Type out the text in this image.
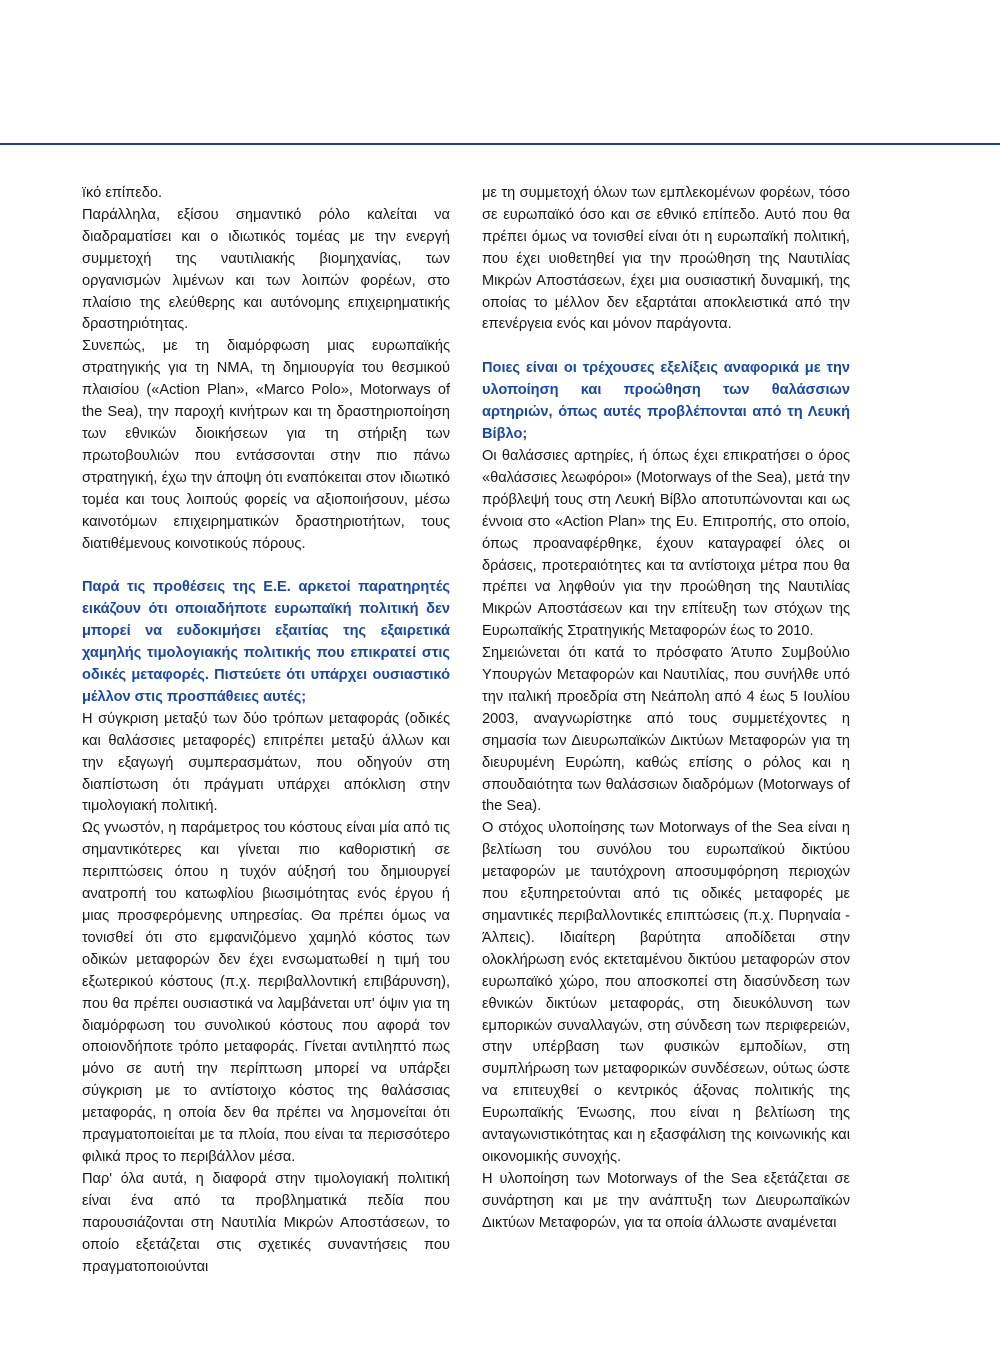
ïκό επίπεδο.

Παράλληλα, εξίσου σημαντικό ρόλο καλείται να διαδραματίσει και ο ιδιωτικός τομέας με την ενεργή συμμετοχή της ναυτιλιακής βιομηχανίας, των οργανισμών λιμένων και των λοιπών φορέων, στο πλαίσιο της ελεύθερης και αυτόνομης επιχειρηματικής δραστηριότητας.

Συνεπώς, με τη διαμόρφωση μιας ευρωπαϊκής στρατηγικής για τη ΝΜΑ, τη δημιουργία του θεσμικού πλαισίου («Action Plan», «Marco Polo», Motorways of the Sea), την παροχή κινήτρων και τη δραστηριοποίηση των εθνικών διοικήσεων για τη στήριξη των πρωτοβουλιών που εντάσσονται στην πιο πάνω στρατηγική, έχω την άποψη ότι εναπόκειται στον ιδιωτικό τομέα και τους λοιπούς φορείς να αξιοποιήσουν, μέσω καινοτόμων επιχειρηματικών δραστηριοτήτων, τους διατιθέμενους κοινοτικούς πόρους.

Παρά τις προθέσεις της Ε.Ε. αρκετοί παρατηρητές εικάζουν ότι οποιαδήποτε ευρωπαϊκή πολιτική δεν μπορεί να ευδοκιμήσει εξαιτίας της εξαιρετικά χαμηλής τιμολογιακής πολιτικής που επικρατεί στις οδικές μεταφορές. Πιστεύετε ότι υπάρχει ουσιαστικό μέλλον στις προσπάθειες αυτές;

Η σύγκριση μεταξύ των δύο τρόπων μεταφοράς (οδικές και θαλάσσιες μεταφορές) επιτρέπει μεταξύ άλλων και την εξαγωγή συμπερασμάτων, που οδηγούν στη διαπίστωση ότι πράγματι υπάρχει απόκλιση στην τιμολογιακή πολιτική.

Ως γνωστόν, η παράμετρος του κόστους είναι μία από τις σημαντικότερες και γίνεται πιο καθοριστική σε περιπτώσεις όπου η τυχόν αύξησή του δημιουργεί ανατροπή του κατωφλίου βιωσιμότητας ενός έργου ή μιας προσφερόμενης υπηρεσίας. Θα πρέπει όμως να τονισθεί ότι στο εμφανιζόμενο χαμηλό κόστος των οδικών μεταφορών δεν έχει ενσωματωθεί η τιμή του εξωτερικού κόστους (π.χ. περιβαλλοντική επιβάρυνση), που θα πρέπει ουσιαστικά να λαμβάνεται υπ' όψιν για τη διαμόρφωση του συνολικού κόστους που αφορά τον οποιονδήποτε τρόπο μεταφοράς. Γίνεται αντιληπτό πως μόνο σε αυτή την περίπτωση μπορεί να υπάρξει σύγκριση με το αντίστοιχο κόστος της θαλάσσιας μεταφοράς, η οποία δεν θα πρέπει να λησμονείται ότι πραγματοποιείται με τα πλοία, που είναι τα περισσότερο φιλικά προς το περιβάλλον μέσα.

Παρ' όλα αυτά, η διαφορά στην τιμολογιακή πολιτική είναι ένα από τα προβληματικά πεδία που παρουσιάζονται στη Ναυτιλία Μικρών Αποστάσεων, το οποίο εξετάζεται στις σχετικές συναντήσεις που πραγματοποιούνται

με τη συμμετοχή όλων των εμπλεκομένων φορέων, τόσο σε ευρωπαϊκό όσο και σε εθνικό επίπεδο. Αυτό που θα πρέπει όμως να τονισθεί είναι ότι η ευρωπαϊκή πολιτική, που έχει υιοθετηθεί για την προώθηση της Ναυτιλίας Μικρών Αποστάσεων, έχει μια ουσιαστική δυναμική, της οποίας το μέλλον δεν εξαρτάται αποκλειστικά από την επενέργεια ενός και μόνον παράγοντα.

Ποιες είναι οι τρέχουσες εξελίξεις αναφορικά με την υλοποίηση και προώθηση των θαλάσσιων αρτηριών, όπως αυτές προβλέπονται από τη Λευκή Βίβλο;

Οι θαλάσσιες αρτηρίες, ή όπως έχει επικρατήσει ο όρος «θαλάσσιες λεωφόροι» (Motorways of the Sea), μετά την πρόβλεψή τους στη Λευκή Βίβλο αποτυπώνονται και ως έννοια στο «Action Plan» της Ευ. Επιτροπής, στο οποίο, όπως προαναφέρθηκε, έχουν καταγραφεί όλες οι δράσεις, προτεραιότητες και τα αντίστοιχα μέτρα που θα πρέπει να ληφθούν για την προώθηση της Ναυτιλίας Μικρών Αποστάσεων και την επίτευξη των στόχων της Ευρωπαϊκής Στρατηγικής Μεταφορών έως το 2010.

Σημειώνεται ότι κατά το πρόσφατο Άτυπο Συμβούλιο Υπουργών Μεταφορών και Ναυτιλίας, που συνήλθε υπό την ιταλική προεδρία στη Νεάπολη από 4 έως 5 Ιουλίου 2003, αναγνωρίστηκε από τους συμμετέχοντες η σημασία των Διευρωπαϊκών Δικτύων Μεταφορών για τη διευρυμένη Ευρώπη, καθώς επίσης ο ρόλος και η σπουδαιότητα των θαλάσσιων διαδρόμων (Motorways of the Sea).

Ο στόχος υλοποίησης των Motorways of the Sea είναι η βελτίωση του συνόλου του ευρωπαϊκού δικτύου μεταφορών με ταυτόχρονη αποσυμφόρηση περιοχών που εξυπηρετούνται από τις οδικές μεταφορές με σημαντικές περιβαλλοντικές επιπτώσεις (π.χ. Πυρηναία - Άλπεις). Ιδιαίτερη βαρύτητα αποδίδεται στην ολοκλήρωση ενός εκτεταμένου δικτύου μεταφορών στον ευρωπαϊκό χώρο, που αποσκοπεί στη διασύνδεση των εθνικών δικτύων μεταφοράς, στη διευκόλυνση των εμπορικών συναλλαγών, στη σύνδεση των περιφερειών, στην υπέρβαση των φυσικών εμποδίων, στη συμπλήρωση των μεταφορικών συνδέσεων, ούτως ώστε να επιτευχθεί ο κεντρικός άξονας πολιτικής της Ευρωπαϊκής Ένωσης, που είναι η βελτίωση της ανταγωνιστικότητας και η εξασφάλιση της κοινωνικής και οικονομικής συνοχής.

Η υλοποίηση των Motorways of the Sea εξετάζεται σε συνάρτηση και με την ανάπτυξη των Διευρωπαϊκών Δικτύων Μεταφορών, για τα οποία άλλωστε αναμένεται
